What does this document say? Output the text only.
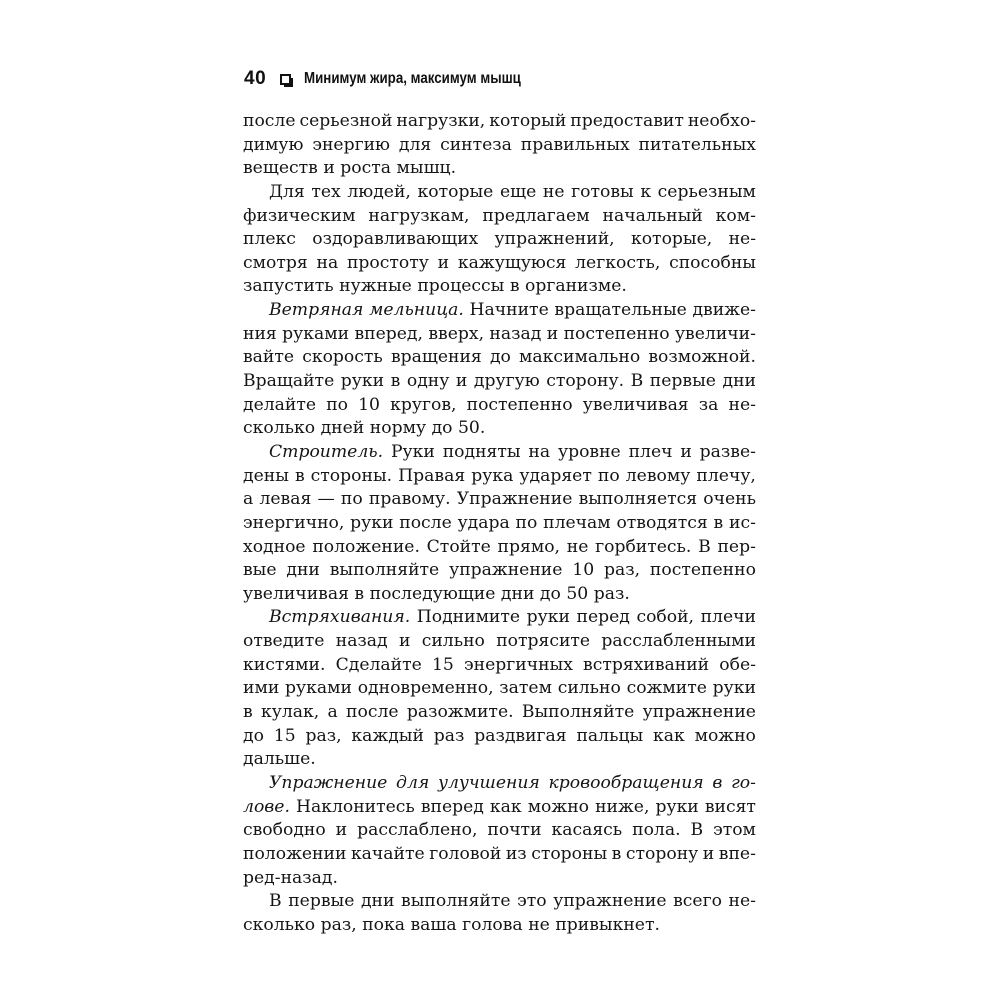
40 Минимум жира, максимум мышц
после серьезной нагрузки, который предоставит необхо-
димую энергию для синтеза правильных питательных
веществ и роста мышц.
Для тех людей, которые еще не готовы к серьезным
физическим нагрузкам, предлагаем начальный ком-
плекс оздоравливающих упражнений, которые, не-
смотря на простоту и кажущуюся легкость, способны
запустить нужные процессы в организме.
Ветряная мельница. Начните вращательные движе-
ния руками вперед, вверх, назад и постепенно увеличи-
вайте скорость вращения до максимально возможной.
Вращайте руки в одну и другую сторону. В первые дни
делайте по 10 кругов, постепенно увеличивая за не-
сколько дней норму до 50.
Строитель. Руки подняты на уровне плеч и разве-
дены в стороны. Правая рука ударяет по левому плечу,
а левая — по правому. Упражнение выполняется очень
энергично, руки после удара по плечам отводятся в ис-
ходное положение. Стойте прямо, не горбитесь. В пер-
вые дни выполняйте упражнение 10 раз, постепенно
увеличивая в последующие дни до 50 раз.
Встряхивания. Поднимите руки перед собой, плечи
отведите назад и сильно потрясите расслабленными
кистями. Сделайте 15 энергичных встряхиваний обе-
ими руками одновременно, затем сильно сожмите руки
в кулак, а после разожмите. Выполняйте упражнение
до 15 раз, каждый раз раздвигая пальцы как можно
дальше.
Упражнение для улучшения кровообращения в го-
лове. Наклонитесь вперед как можно ниже, руки висят
свободно и расслаблено, почти касаясь пола. В этом
положении качайте головой из стороны в сторону и впе-
ред-назад.
В первые дни выполняйте это упражнение всего не-
сколько раз, пока ваша голова не привыкнет.
